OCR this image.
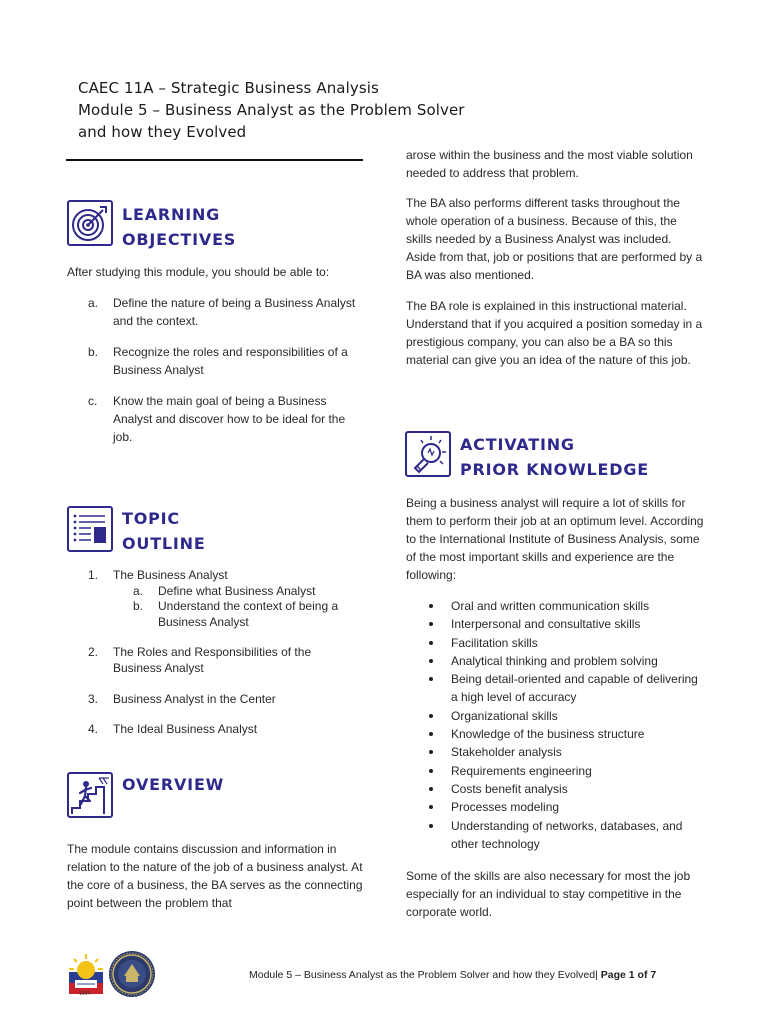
CAEC 11A – Strategic Business Analysis
Module 5 – Business Analyst as the Problem Solver
and how they Evolved
LEARNING
OBJECTIVES
After studying this module, you should be able to:
a. Define the nature of being a Business Analyst and the context.
b. Recognize the roles and responsibilities of a Business Analyst
c. Know the main goal of being a Business Analyst and discover how to be ideal for the job.
TOPIC
OUTLINE
1. The Business Analyst
a. Define what Business Analyst
b. Understand the context of being a Business Analyst
2. The Roles and Responsibilities of the Business Analyst
3. Business Analyst in the Center
4. The Ideal Business Analyst
OVERVIEW
The module contains discussion and information in relation to the nature of the job of a business analyst. At the core of a business, the BA serves as the connecting point between the problem that
arose within the business and the most viable solution needed to address that problem.
The BA also performs different tasks throughout the whole operation of a business. Because of this, the skills needed by a Business Analyst was included. Aside from that, job or positions that are performed by a BA was also mentioned.
The BA role is explained in this instructional material. Understand that if you acquired a position someday in a prestigious company, you can also be a BA so this material can give you an idea of the nature of this job.
ACTIVATING
PRIOR KNOWLEDGE
Being a business analyst will require a lot of skills for them to perform their job at an optimum level. According to the International Institute of Business Analysis, some of the most important skills and experience are the following:
Oral and written communication skills
Interpersonal and consultative skills
Facilitation skills
Analytical thinking and problem solving
Being detail-oriented and capable of delivering a high level of accuracy
Organizational skills
Knowledge of the business structure
Stakeholder analysis
Requirements engineering
Costs benefit analysis
Processes modeling
Understanding of networks, databases, and other technology
Some of the skills are also necessary for most the job especially for an individual to stay competitive in the corporate world.
1904
Module 5 – Business Analyst as the Problem Solver and how they Evolved| Page 1 of 7
